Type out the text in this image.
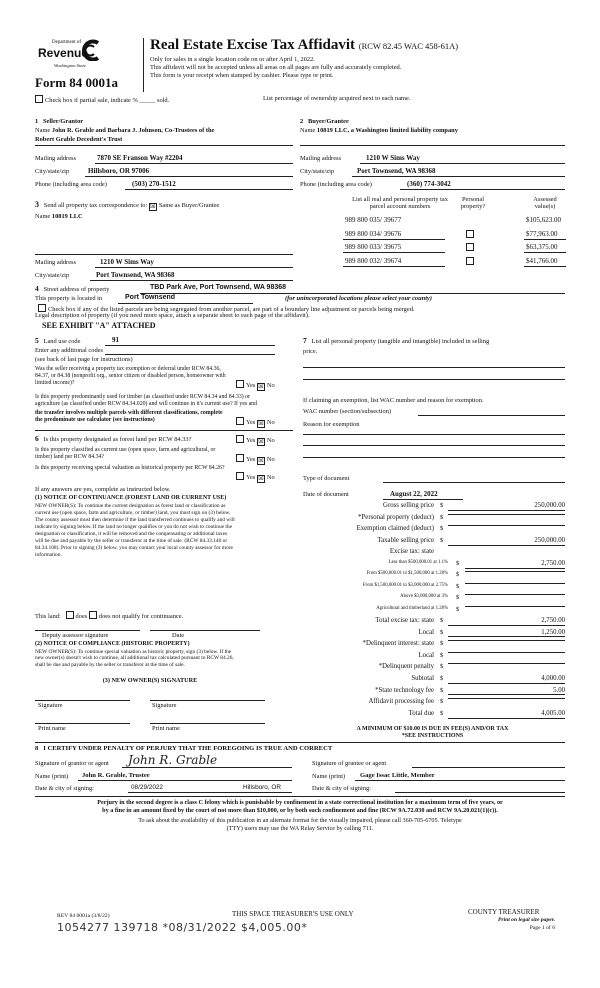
Department of
Revenue
Washington State
Form 84 0001a
Real Estate Excise Tax Affidavit (RCW 82.45 WAC 458-61A)
Only for sales in a single location code on or after April 1, 2022.
This affidavit will not be accepted unless all areas on all pages are fully and accurately completed.
This form is your receipt when stamped by cashier. Please type or print.
Check box if partial sale, indicate % _____ sold.	List percentage of ownership acquired next to each name.
1 Seller/Grantor
Name John R. Grable and Barbara J. Johnson, Co-Trustees of the
Robert Grable Decedent's Trust
Mailing address	7870 SE Franson Way #2204
City/state/zip	Hillsboro, OR 97006
Phone (including area code)	(503) 270-1512
2 Buyer/Grantee
Name 10819 LLC, a Washington limited liability company
Mailing address	1210 W Sims Way
City/state/zip	Port Townsend, WA 98368
Phone (including area code)	(360) 774-3042
3 Send all property tax correspondence to: ☒ Same as Buyer/Grantee
Name 10819 LLC
Mailing address	1210 W Sims Way
City/state/zip	Port Townsend, WA 98368
List all real and personal property tax parcel account numbers
Personal property?
Assessed value(s)
989 800 035/ 39677	$105,623.00
989 800 034/ 39676	$77,963.00
989 800 033/ 39675	$63,375.00
989 800 032/ 39674	$41,766.00
4 Street address of property	TBD Park Ave, Port Townsend, WA 98368
This property is located in	Port Townsend	(for unincorporated locations please select your county)
Check box if any of the listed parcels are being segregated from another parcel, are part of a boundary line adjustment or parcels being merged.
Legal description of property (if you need more space, attach a separate sheet to each page of the affidavit).
SEE EXHIBIT "A" ATTACHED
5 Land use code	91
Enter any additional codes
(see back of last page for instructions)
Was the seller receiving a property tax exemption or deferral under RCW 84.36, 84.37, or 84.38 (nonprofit org., senior citizen or disabled person, homeowner with limited income)?	Yes ☒ No
Is this property predominantly used for timber (as classified under RCW 84.34 and 84.33) or agriculture (as classified under RCW 84.34.020) and will continue in it's current use? If yes and
the transfer involves multiple parcels with different classifications, complete the predominate use calculator (see instructions)	Yes ☒ No
6 Is this property designated as forest land per RCW 84.33?	Yes ☒ No
Is this property classified as current use (open space, farm and agricultural, or timber) land per RCW 84.34?	Yes ☒ No
Is this property receiving special valuation as historical property per RCW 84.26?
Yes ☒ No
If any answers are yes, complete as instructed below.
(1) NOTICE OF CONTINUANCE (FOREST LAND OR CURRENT USE)
NEW OWNER(S): To continue the current designation as forest land or classification as current use (open space, farm and agriculture, or timber) land, you must sign on (3) below. The county assessor must then determine if the land transferred continues to qualify and will indicate by signing below. If the land no longer qualifies or you do not wish to continue the designation or classification, it will be removed and the compensating or additional taxes will be due and payable by the seller or transferor at the time of sale. (RCW 84.33.140 or 84.34.108). Prior to signing (3) below, you may contact your local county assessor for more information.
This land: does does not qualify for continuance.
Deputy assessor signature	Date
(2) NOTICE OF COMPLIANCE (HISTORIC PROPERTY)
NEW OWNER(S): To continue special valuation as historic property, sign (3) below. If the new owner(s) doesn't wish to continue, all additional tax calculated pursuant to RCW 84.26, shall be due and payable by the seller or transferor at the time of sale.
(3) NEW OWNER(S) SIGNATURE
Signature	Signature
Print name	Print name
7 List all personal property (tangible and intangible) included in selling
price.
If claiming an exemption, list WAC number and reason for exemption.
WAC number (section/subsection)
Reason for exemption
Type of document
Date of document	August 22, 2022
Gross selling price $	250,000.00
*Personal property (deduct) $
Exemption claimed (deduct) $
Taxable selling price $	250,000.00
Excise tax: state
Less than $500,000.01 at 1.1% $	2,750.00
From $500,000.01 to $1,500,000 at 1.28% $
From $1,500,000.01 to $3,000,000 at 2.75% $
Above $3,000,000 at 3% $
Agricultural and timberland at 1.28% $
Total excise tax: state $	2,750.00
Local $	1,250.00
*Delinquent interest: state $
Local $
*Delinquent penalty $
Subtotal $	4,000.00
*State technology fee $	5.00
Affidavit processing fee $
Total due $	4,005.00
A MINIMUM OF $10.00 IS DUE IN FEE(S) AND/OR TAX
*SEE INSTRUCTIONS
8 I CERTIFY UNDER PENALTY OF PERJURY THAT THE FOREGOING IS TRUE AND CORRECT
Signature of grantor or agent John R. Grable
Name (print) John R. Grable, Trustee
Date & city of signing:	08/29/2022	Hillsboro, OR
Signature of grantee or agent
Name (print) Gage Issac Little, Member
Date & city of signing:
Perjury in the second degree is a class C felony which is punishable by confinement in a state correctional institution for a maximum term of five years, or
by a fine in an amount fixed by the court of not more than $10,000, or by both such confinement and fine (RCW 9A.72.030 and RCW 9A.20.021(1)(c)).
To ask about the availability of this publication in an alternate format for the visually impaired, please call 360-705-6705. Teletype
(TTY) users may use the WA Relay Service by calling 711.
REV 84 0001a (3/8/22)	THIS SPACE TREASURER'S USE ONLY	COUNTY TREASURER
Print on legal size paper.
Page 1 of 6
1054277 139718 *08/31/2022 $4,005.00*
